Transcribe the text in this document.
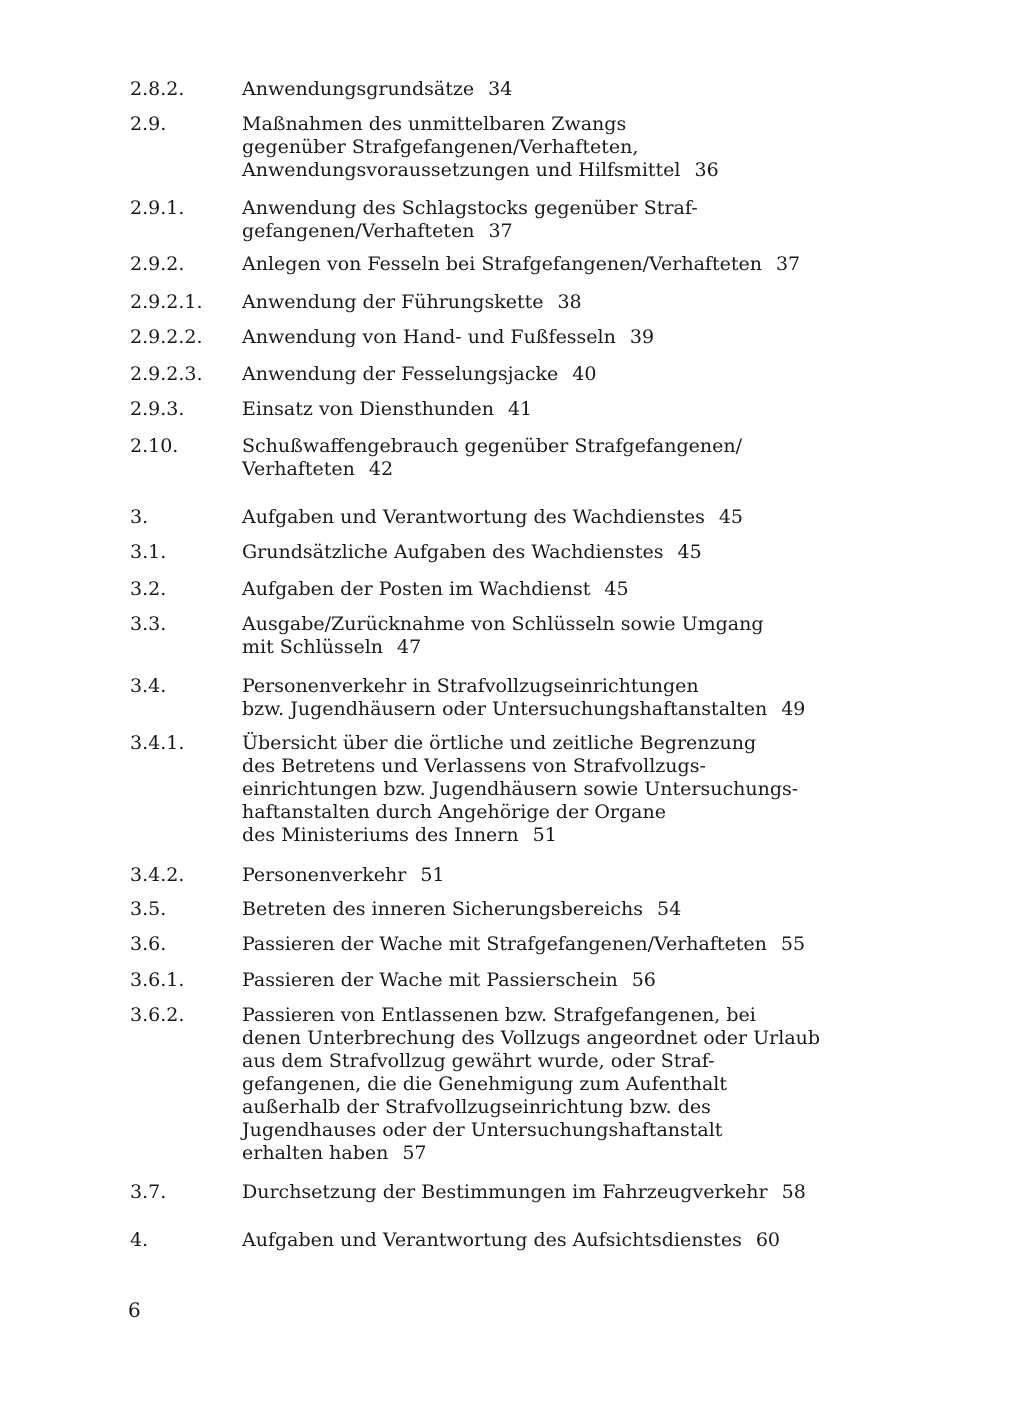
2.8.2.	Anwendungsgrundsätze 34
2.9.	Maßnahmen des unmittelbaren Zwangs
gegenüber Strafgefangenen/Verhafteten,
Anwendungsvoraussetzungen und Hilfsmittel 36
2.9.1.	Anwendung des Schlagstocks gegenüber Straf-
gefangenen/Verhafteten 37
2.9.2.	Anlegen von Fesseln bei Strafgefangenen/Verhafteten 37
2.9.2.1. Anwendung der Führungskette 38
2.9.2.2. Anwendung von Hand- und Fußfesseln 39
2.9.2.3. Anwendung der Fesselungsjacke 40
2.9.3.	Einsatz von Diensthunden 41
2.10.	Schußwaffengebrauch gegenüber Strafgefangenen/
Verhafteten 42
3.	Aufgaben und Verantwortung des Wachdienstes 45
3.1.	Grundsätzliche Aufgaben des Wachdienstes 45
3.2.	Aufgaben der Posten im Wachdienst 45
3.3.	Ausgabe/Zurücknahme von Schlüsseln sowie Umgang
mit Schlüsseln 47
3.4.	Personenverkehr in Strafvollzugseinrichtungen
bzw. Jugendhäusern oder Untersuchungshaftanstalten 49
3.4.1.	Übersicht über die örtliche und zeitliche Begrenzung
des Betretens und Verlassens von Strafvollzugs-
einrichtungen bzw. Jugendhäusern sowie Untersuchungs-
haftanstalten durch Angehörige der Organe
des Ministeriums des Innern 51
3.4.2.	Personenverkehr 51
3.5.	Betreten des inneren Sicherungsbereichs 54
3.6.	Passieren der Wache mit Strafgefangenen/Verhafteten 55
3.6.1.	Passieren der Wache mit Passierschein 56
3.6.2.	Passieren von Entlassenen bzw. Strafgefangenen, bei
denen Unterbrechung des Vollzugs angeordnet oder Urlaub
aus dem Strafvollzug gewährt wurde, oder Straf-
gefangenen, die die Genehmigung zum Aufenthalt
außerhalb der Strafvollzugseinrichtung bzw. des
Jugendhauses oder der Untersuchungshaftanstalt
erhalten haben 57
3.7.	Durchsetzung der Bestimmungen im Fahrzeugverkehr 58
4.	Aufgaben und Verantwortung des Aufsichtsdienstes 60
6
